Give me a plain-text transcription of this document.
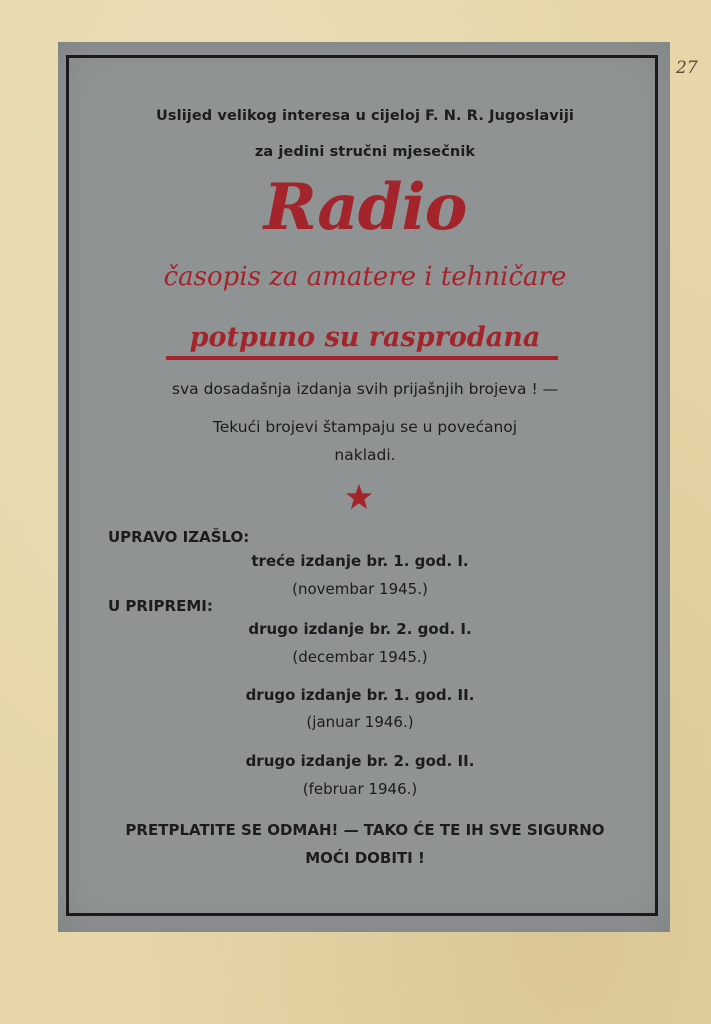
27
Uslijed velikog interesa u cijeloj F. N. R. Jugoslaviji
za jedini stručni mjesečnik
Radio
časopis za amatere i tehničare
potpuno su rasprodana
sva dosadašnja izdanja svih prijašnjih brojeva ! —
Tekući brojevi štampaju se u povećanoj
nakladi.
UPRAVO IZAŠLO:
treće izdanje br. 1. god. I.
(novembar 1945.)
U PRIPREMI:
drugo izdanje br. 2. god. I.
(decembar 1945.)
drugo izdanje br. 1. god. II.
(januar 1946.)
drugo izdanje br. 2. god. II.
(februar 1946.)
PRETPLATITE SE ODMAH! — TAKO ĆE TE IH SVE SIGURNO
MOĆI DOBITI !
